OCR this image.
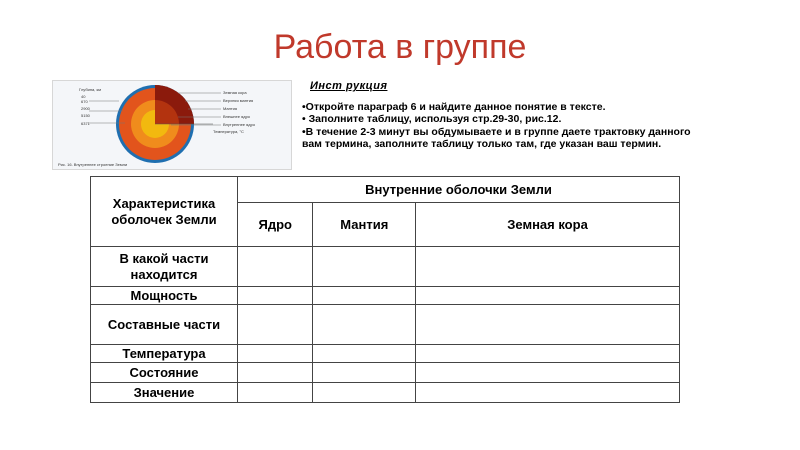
Работа в группе
Глубина, км
40
670
2900
5150
6371
Земная кора
Верхняя мантия
Мантия
Внешнее ядро
Внутреннее ядро
Температура, °С
Рис. 16. Внутреннее строение Земли
Инст рукция

•Откройте параграф 6 и найдите данное понятие в тексте.

• Заполните таблицу, используя стр.29-30, рис.12.

•В течение 2-3 минут вы обдумываете и в группе даете трактовку данного вам термина, заполните таблицу только там, где указан ваш термин.

Характеристика оболочек Земли	Внутренние оболочки Земли		
	Ядро	Мантия	Земная кора
В какой части находится			
Мощность			
Составные части			
Температура			
Состояние			
Значение			
